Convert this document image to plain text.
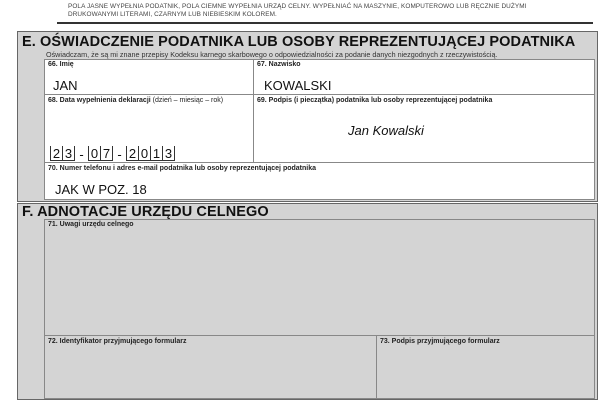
POLA JASNE WYPEŁNIA PODATNIK, POLA CIEMNE WYPEŁNIA URZĄD CELNY. WYPEŁNIAĆ NA MASZYNIE, KOMPUTEROWO LUB RĘCZNIE DUŻYMI DRUKOWANYMI LITERAMI, CZARNYM LUB NIEBIESKIM KOLOREM.
E. OŚWIADCZENIE PODATNIKA LUB OSOBY REPREZENTUJĄCEJ PODATNIKA
Oświadczam, że są mi znane przepisy Kodeksu karnego skarbowego o odpowiedzialności za podanie danych niezgodnych z rzeczywistością.
66. Imię
JAN
67. Nazwisko
KOWALSKI
68. Data wypełnienia deklaracji (dzień – miesiąc – rok)
2 3 - 0 7 - 2 0 1 3
69. Podpis (i pieczątka) podatnika lub osoby reprezentującej podatnika
Jan Kowalski
70. Numer telefonu i adres e-mail podatnika lub osoby reprezentującej podatnika
JAK W POZ. 18
F. ADNOTACJE URZĘDU CELNEGO
71. Uwagi urzędu celnego
72. Identyfikator przyjmującego formularz	73. Podpis przyjmującego formularz
